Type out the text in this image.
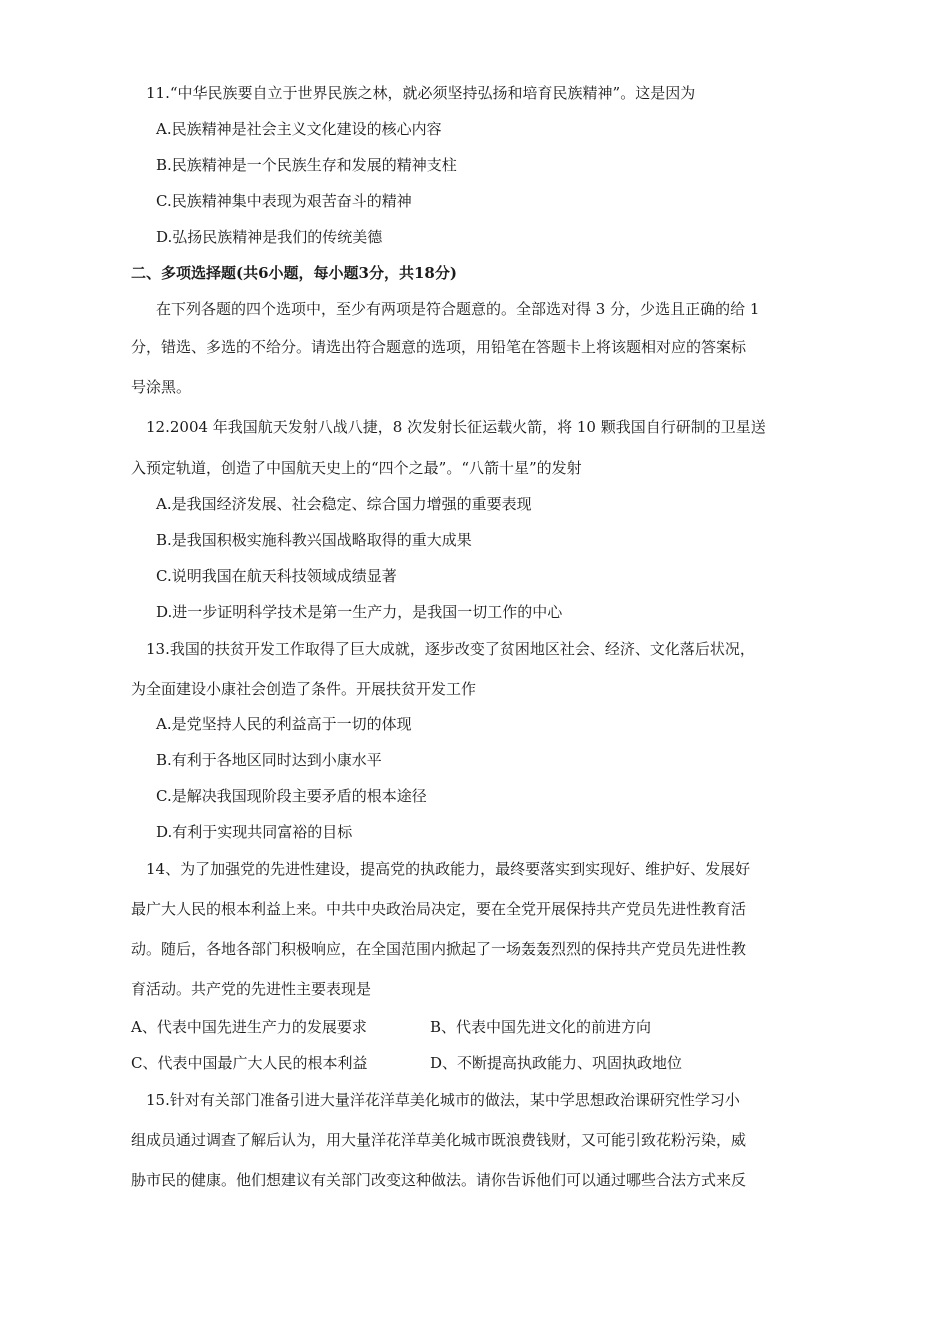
11.“中华民族要自立于世界民族之林，就必须坚持弘扬和培育民族精神”。这是因为
A.民族精神是社会主义文化建设的核心内容
B.民族精神是一个民族生存和发展的精神支柱
C.民族精神集中表现为艰苦奋斗的精神
D.弘扬民族精神是我们的传统美德
二、多项选择题(共6小题，每小题3分，共18分)
在下列各题的四个选项中，至少有两项是符合题意的。全部选对得 3 分，少选且正确的给 1
分，错选、多选的不给分。请选出符合题意的选项，用铅笔在答题卡上将该题相对应的答案标
号涂黑。
12.2004 年我国航天发射八战八捷，8 次发射长征运载火箭，将 10 颗我国自行研制的卫星送
入预定轨道，创造了中国航天史上的“四个之最”。“八箭十星”的发射
A.是我国经济发展、社会稳定、综合国力增强的重要表现
B.是我国积极实施科教兴国战略取得的重大成果
C.说明我国在航天科技领域成绩显著
D.进一步证明科学技术是第一生产力，是我国一切工作的中心
13.我国的扶贫开发工作取得了巨大成就，逐步改变了贫困地区社会、经济、文化落后状况，
为全面建设小康社会创造了条件。开展扶贫开发工作
A.是党坚持人民的利益高于一切的体现
B.有利于各地区同时达到小康水平
C.是解决我国现阶段主要矛盾的根本途径
D.有利于实现共同富裕的目标
14、为了加强党的先进性建设，提高党的执政能力，最终要落实到实现好、维护好、发展好
最广大人民的根本利益上来。中共中央政治局决定，要在全党开展保持共产党员先进性教育活
动。随后，各地各部门积极响应，在全国范围内掀起了一场轰轰烈烈的保持共产党员先进性教
育活动。共产党的先进性主要表现是
A、代表中国先进生产力的发展要求	B、代表中国先进文化的前进方向
C、代表中国最广大人民的根本利益	D、不断提高执政能力、巩固执政地位
15.针对有关部门准备引进大量洋花洋草美化城市的做法，某中学思想政治课研究性学习小
组成员通过调查了解后认为，用大量洋花洋草美化城市既浪费钱财，又可能引致花粉污染，威
胁市民的健康。他们想建议有关部门改变这种做法。请你告诉他们可以通过哪些合法方式来反
